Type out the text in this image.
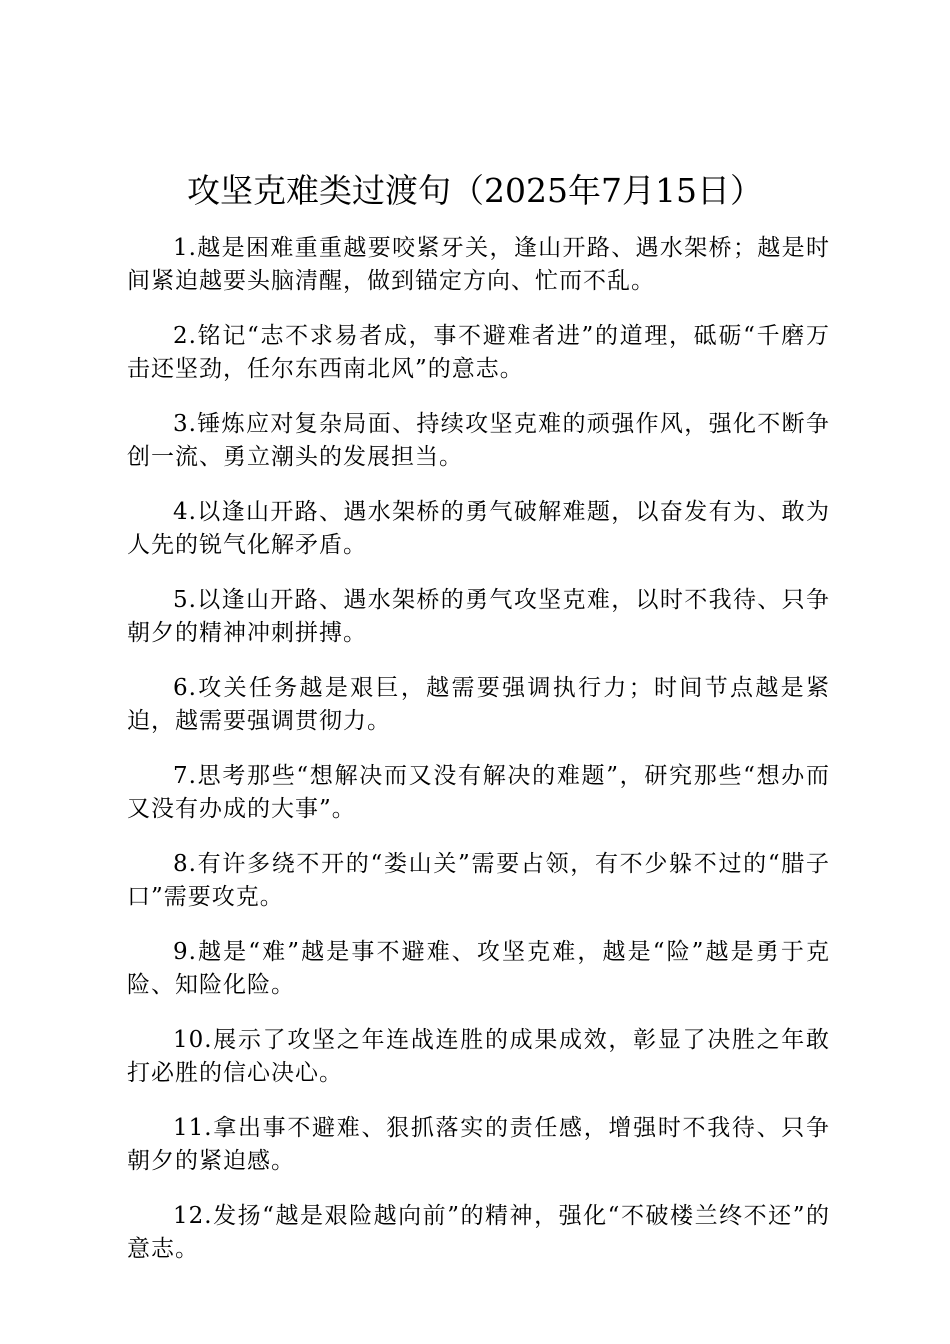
攻坚克难类过渡句（2025年7月15日）

1.越是困难重重越要咬紧牙关，逢山开路、遇水架桥；越是时间紧迫越要头脑清醒，做到锚定方向、忙而不乱。

2.铭记“志不求易者成，事不避难者进”的道理，砥砺“千磨万击还坚劲，任尔东西南北风”的意志。

3.锤炼应对复杂局面、持续攻坚克难的顽强作风，强化不断争创一流、勇立潮头的发展担当。

4.以逢山开路、遇水架桥的勇气破解难题，以奋发有为、敢为人先的锐气化解矛盾。

5.以逢山开路、遇水架桥的勇气攻坚克难，以时不我待、只争朝夕的精神冲刺拼搏。

6.攻关任务越是艰巨，越需要强调执行力；时间节点越是紧迫，越需要强调贯彻力。

7.思考那些“想解决而又没有解决的难题”，研究那些“想办而又没有办成的大事”。

8.有许多绕不开的“娄山关”需要占领，有不少躲不过的“腊子口”需要攻克。

9.越是“难”越是事不避难、攻坚克难，越是“险”越是勇于克险、知险化险。

10.展示了攻坚之年连战连胜的成果成效，彰显了决胜之年敢打必胜的信心决心。

11.拿出事不避难、狠抓落实的责任感，增强时不我待、只争朝夕的紧迫感。

12.发扬“越是艰险越向前”的精神，强化“不破楼兰终不还”的意志。
